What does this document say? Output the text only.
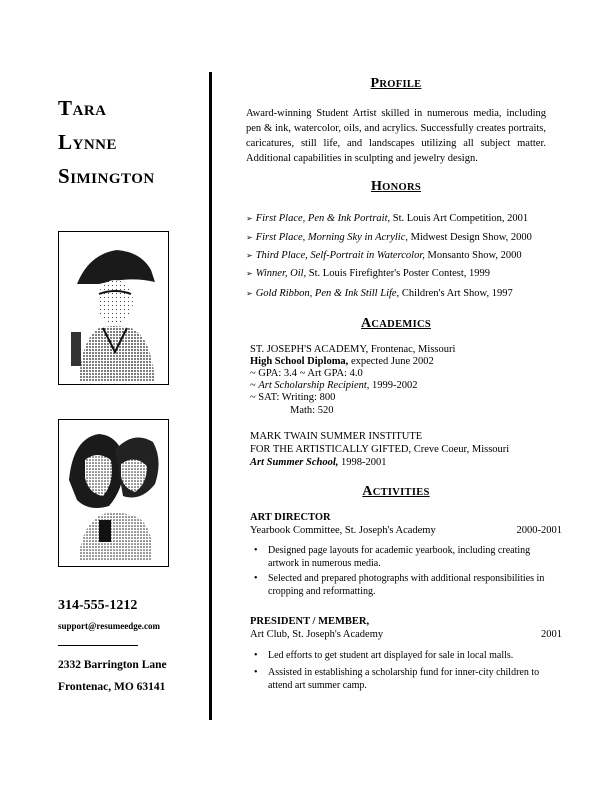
TARA
LYNNE
SIMINGTON
314-555-1212
support@resumeedge.com
2332 Barrington Lane
Frontenac, MO 63141
PROFILE
Award-winning Student Artist skilled in numerous media, including pen & ink, watercolor, oils, and acrylics. Successfully creates portraits, caricatures, still life, and landscapes utilizing all subject matter. Additional capabilities in sculpting and jewelry design.
HONORS
➢ First Place, Pen & Ink Portrait, St. Louis Art Competition, 2001
➢ First Place, Morning Sky in Acrylic, Midwest Design Show, 2000
➢ Third Place, Self-Portrait in Watercolor, Monsanto Show, 2000
➢ Winner, Oil, St. Louis Firefighter's Poster Contest, 1999
➢ Gold Ribbon, Pen & Ink Still Life, Children's Art Show, 1997
ACADEMICS
ST. JOSEPH'S ACADEMY, Frontenac, Missouri
High School Diploma, expected June 2002
~ GPA: 3.4 ~ Art GPA: 4.0
~ Art Scholarship Recipient, 1999-2002
~ SAT: Writing: 800
Math: 520
MARK TWAIN SUMMER INSTITUTE
FOR THE ARTISTICALLY GIFTED, Creve Coeur, Missouri
Art Summer School, 1998-2001
ACTIVITIES
ART DIRECTOR
Yearbook Committee, St. Joseph's Academy	2000-2001
• Designed page layouts for academic yearbook, including creating artwork in numerous media.
• Selected and prepared photographs with additional responsibilities in cropping and reformatting.
PRESIDENT / MEMBER,
Art Club, St. Joseph's Academy	2001
• Led efforts to get student art displayed for sale in local malls.
• Assisted in establishing a scholarship fund for inner-city children to attend art summer camp.
